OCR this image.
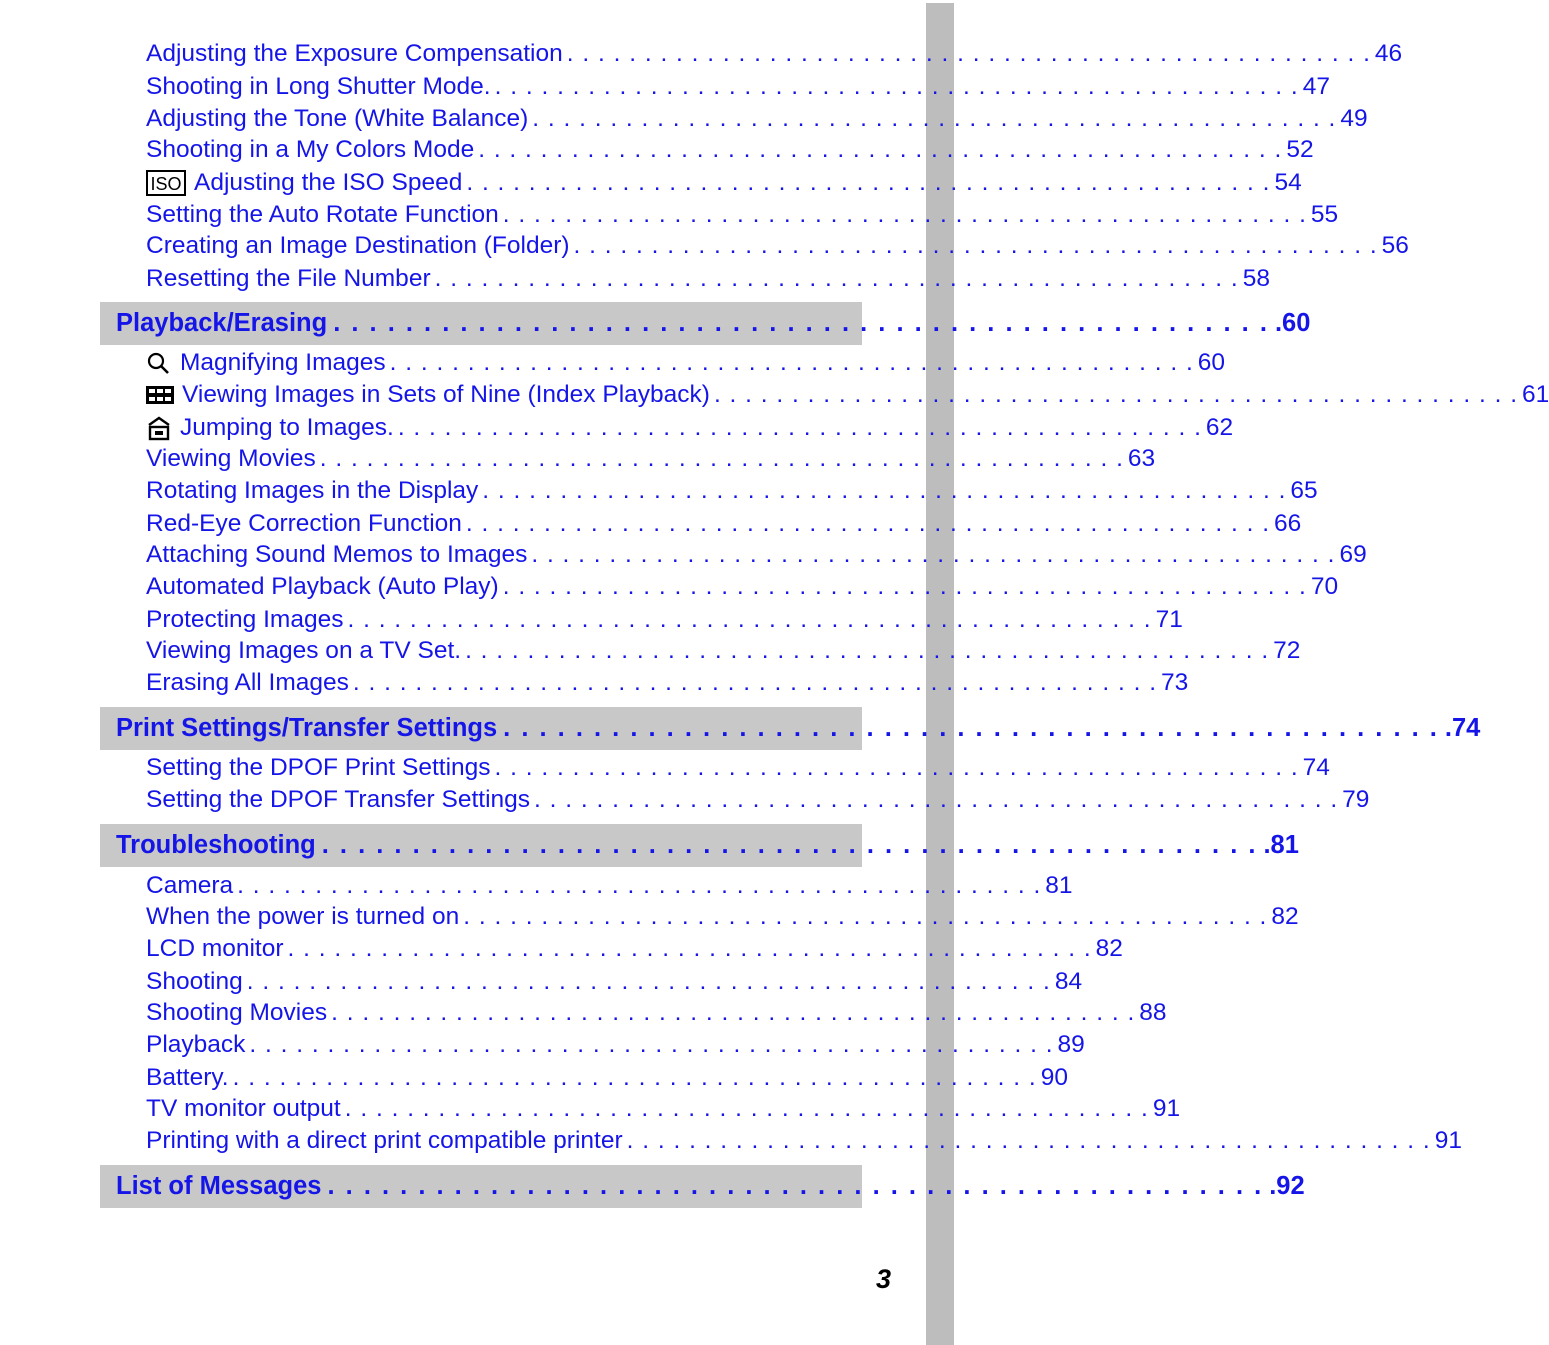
Adjusting the Exposure Compensation . . . . . . . . . . . . . . . . . . . . . . . . . . . . . . . . . . . . . . . . . . . . . . . . . . . . 46
Shooting in Long Shutter Mode. . . . . . . . . . . . . . . . . . . . . . . . . . . . . . . . . . . . . . . . . . . . . . . . . . . . . 47
Adjusting the Tone (White Balance) . . . . . . . . . . . . . . . . . . . . . . . . . . . . . . . . . . . . . . . . . . . . . . . . . . . . 49
Shooting in a My Colors Mode . . . . . . . . . . . . . . . . . . . . . . . . . . . . . . . . . . . . . . . . . . . . . . . . . . . . 52
ISO Adjusting the ISO Speed . . . . . . . . . . . . . . . . . . . . . . . . . . . . . . . . . . . . . . . . . . . . . . . . . . . . 54
Setting the Auto Rotate Function . . . . . . . . . . . . . . . . . . . . . . . . . . . . . . . . . . . . . . . . . . . . . . . . . . . . 55
Creating an Image Destination (Folder) . . . . . . . . . . . . . . . . . . . . . . . . . . . . . . . . . . . . . . . . . . . . . . . . . . . . 56
Resetting the File Number . . . . . . . . . . . . . . . . . . . . . . . . . . . . . . . . . . . . . . . . . . . . . . . . . . . . 58
Playback/Erasing . . . . . . . . . . . . . . . . . . . . . . . . . . . . . . . . . . . . . . . . . . . . . . . . . . . . .60
Magnifying Images . . . . . . . . . . . . . . . . . . . . . . . . . . . . . . . . . . . . . . . . . . . . . . . . . . . . 60
Viewing Images in Sets of Nine (Index Playback) . . . . . . . . . . . . . . . . . . . . . . . . . . . . . . . . . . . . . . . . . . . . . . . . . . . . 61
Jumping to Images. . . . . . . . . . . . . . . . . . . . . . . . . . . . . . . . . . . . . . . . . . . . . . . . . . . . . 62
Viewing Movies . . . . . . . . . . . . . . . . . . . . . . . . . . . . . . . . . . . . . . . . . . . . . . . . . . . . 63
Rotating Images in the Display . . . . . . . . . . . . . . . . . . . . . . . . . . . . . . . . . . . . . . . . . . . . . . . . . . . . 65
Red-Eye Correction Function . . . . . . . . . . . . . . . . . . . . . . . . . . . . . . . . . . . . . . . . . . . . . . . . . . . . 66
Attaching Sound Memos to Images . . . . . . . . . . . . . . . . . . . . . . . . . . . . . . . . . . . . . . . . . . . . . . . . . . . . 69
Automated Playback (Auto Play) . . . . . . . . . . . . . . . . . . . . . . . . . . . . . . . . . . . . . . . . . . . . . . . . . . . . 70
Protecting Images . . . . . . . . . . . . . . . . . . . . . . . . . . . . . . . . . . . . . . . . . . . . . . . . . . . . 71
Viewing Images on a TV Set. . . . . . . . . . . . . . . . . . . . . . . . . . . . . . . . . . . . . . . . . . . . . . . . . . . . . 72
Erasing All Images . . . . . . . . . . . . . . . . . . . . . . . . . . . . . . . . . . . . . . . . . . . . . . . . . . . . 73
Print Settings/Transfer Settings . . . . . . . . . . . . . . . . . . . . . . . . . . . . . . . . . . . . . . . . . . . . . . . . . . . . .74
Setting the DPOF Print Settings . . . . . . . . . . . . . . . . . . . . . . . . . . . . . . . . . . . . . . . . . . . . . . . . . . . . 74
Setting the DPOF Transfer Settings . . . . . . . . . . . . . . . . . . . . . . . . . . . . . . . . . . . . . . . . . . . . . . . . . . . . 79
Troubleshooting . . . . . . . . . . . . . . . . . . . . . . . . . . . . . . . . . . . . . . . . . . . . . . . . . . . . .81
Camera . . . . . . . . . . . . . . . . . . . . . . . . . . . . . . . . . . . . . . . . . . . . . . . . . . . . 81
When the power is turned on . . . . . . . . . . . . . . . . . . . . . . . . . . . . . . . . . . . . . . . . . . . . . . . . . . . . 82
LCD monitor . . . . . . . . . . . . . . . . . . . . . . . . . . . . . . . . . . . . . . . . . . . . . . . . . . . . 82
Shooting . . . . . . . . . . . . . . . . . . . . . . . . . . . . . . . . . . . . . . . . . . . . . . . . . . . . 84
Shooting Movies . . . . . . . . . . . . . . . . . . . . . . . . . . . . . . . . . . . . . . . . . . . . . . . . . . . . 88
Playback . . . . . . . . . . . . . . . . . . . . . . . . . . . . . . . . . . . . . . . . . . . . . . . . . . . . 89
Battery. . . . . . . . . . . . . . . . . . . . . . . . . . . . . . . . . . . . . . . . . . . . . . . . . . . . . 90
TV monitor output . . . . . . . . . . . . . . . . . . . . . . . . . . . . . . . . . . . . . . . . . . . . . . . . . . . . 91
Printing with a direct print compatible printer . . . . . . . . . . . . . . . . . . . . . . . . . . . . . . . . . . . . . . . . . . . . . . . . . . . . 91
List of Messages . . . . . . . . . . . . . . . . . . . . . . . . . . . . . . . . . . . . . . . . . . . . . . . . . . . . .92
3
